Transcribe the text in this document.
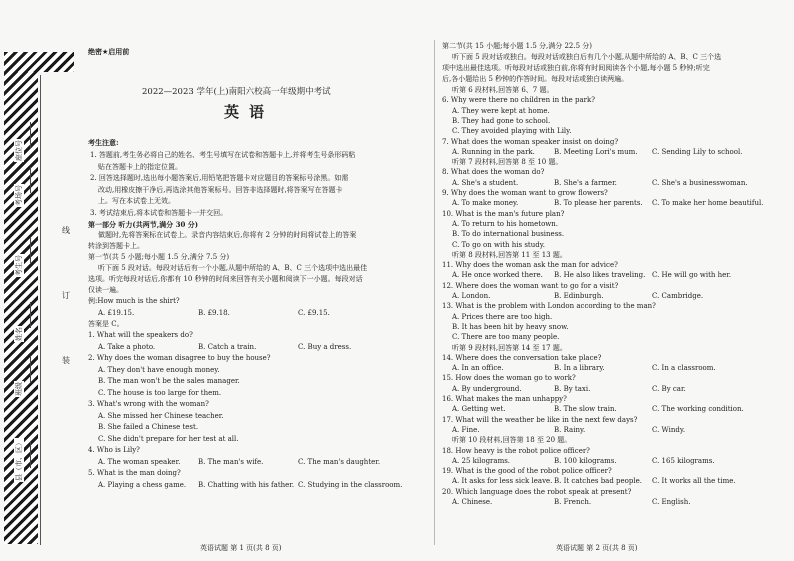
座位号
考场号
考生号
姓名
班级
县（市、区）
线
订
装
绝密★启用前
2022—2023 学年(上)南阳六校高一年级期中考试
英语
考生注意:
1. 答题前,考生务必将自己的姓名、考生号填写在试卷和答题卡上,并将考生号条形码粘
贴在答题卡上的指定位置。
2. 回答选择题时,选出每小题答案后,用铅笔把答题卡对应题目的答案标号涂黑。如需
改动,用橡皮擦干净后,再选涂其他答案标号。回答非选择题时,将答案写在答题卡
上。写在本试卷上无效。
3. 考试结束后,将本试卷和答题卡一并交回。
第一部分 听力(共两节,满分 30 分)
做题时,先将答案标在试卷上。录音内容结束后,你将有 2 分钟的时间将试卷上的答案
转涂到答题卡上。
第一节(共 5 小题;每小题 1.5 分,满分 7.5 分)
听下面 5 段对话。每段对话后有一个小题,从题中所给的 A、B、C 三个选项中选出最佳
选项。听完每段对话后,你都有 10 秒钟的时间来回答有关小题和阅读下一小题。每段对话
仅读一遍。
例:How much is the shirt?
A. £19.15.	B. £9.18.	C. £9.15.
答案是 C。
1. What will the speakers do?
A. Take a photo.	B. Catch a train.	C. Buy a dress.
2. Why does the woman disagree to buy the house?
A. They don't have enough money.
B. The man won't be the sales manager.
C. The house is too large for them.
3. What's wrong with the woman?
A. She missed her Chinese teacher.
B. She failed a Chinese test.
C. She didn't prepare for her test at all.
4. Who is Lily?
A. The woman speaker.	B. The man's wife.	C. The man's daughter.
5. What is the man doing?
A. Playing a chess game. B. Chatting with his father. C. Studying in the classroom.
第二节(共 15 小题;每小题 1.5 分,满分 22.5 分)
听下面 5 段对话或独白。每段对话或独白后有几个小题,从题中所给的 A、B、C 三个选
项中选出最佳选项。听每段对话或独白前,你将有时间阅读各个小题,每小题 5 秒钟;听完
后,各小题给出 5 秒钟的作答时间。每段对话或独白读两遍。
听第 6 段材料,回答第 6、7 题。
6. Why were there no children in the park?
A. They were kept at home.
B. They had gone to school.
C. They avoided playing with Lily.
7. What does the woman speaker insist on doing?
A. Running in the park.	B. Meeting Lori's mum. C. Sending Lily to school.
听第 7 段材料,回答第 8 至 10 题。
8. What does the woman do?
A. She's a student.	B. She's a farmer.	C. She's a businesswoman.
9. Why does the woman want to grow flowers?
A. To make money.	B. To please her parents. C. To make her home beautiful.
10. What is the man's future plan?
A. To return to his hometown.
B. To do international business.
C. To go on with his study.
听第 8 段材料,回答第 11 至 13 题。
11. Why does the woman ask the man for advice?
A. He once worked there. B. He also likes traveling. C. He will go with her.
12. Where does the woman want to go for a visit?
A. London.	B. Edinburgh.	C. Cambridge.
13. What is the problem with London according to the man?
A. Prices there are too high.
B. It has been hit by heavy snow.
C. There are too many people.
听第 9 段材料,回答第 14 至 17 题。
14. Where does the conversation take place?
A. In an office.	B. In a library.	C. In a classroom.
15. How does the woman go to work?
A. By underground.	B. By taxi.	C. By car.
16. What makes the man unhappy?
A. Getting wet.	B. The slow train.	C. The working condition.
17. What will the weather be like in the next few days?
A. Fine.	B. Rainy.	C. Windy.
听第 10 段材料,回答第 18 至 20 题。
18. How heavy is the robot police officer?
A. 25 kilograms.	B. 100 kilograms.	C. 165 kilograms.
19. What is the good of the robot police officer?
A. It asks for less sick leave. B. It catches bad people. C. It works all the time.
20. Which language does the robot speak at present?
A. Chinese.	B. French.	C. English.
英语试题 第 1 页(共 8 页)	英语试题 第 2 页(共 8 页)
